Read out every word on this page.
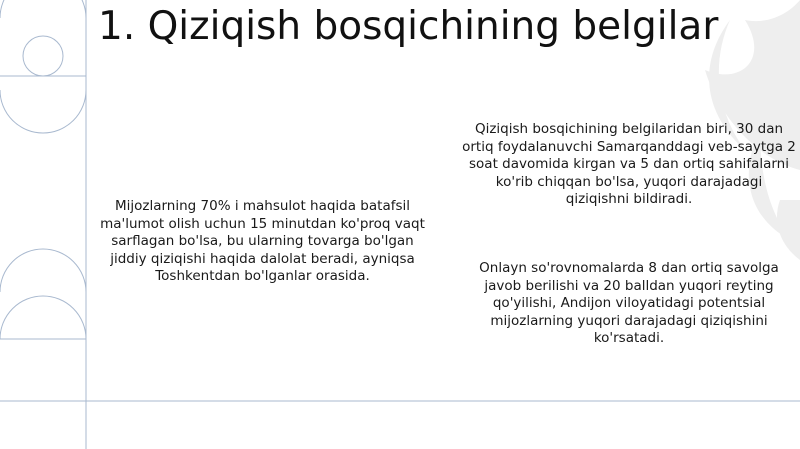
1. Qiziqish bosqichining belgilar

Mijozlarning 70% i mahsulot haqida batafsil ma'lumot olish uchun 15 minutdan ko'proq vaqt sarflagan bo'lsa, bu ularning tovarga bo'lgan jiddiy qiziqishi haqida dalolat beradi, ayniqsa Toshkentdan bo'lganlar orasida.

Qiziqish bosqichining belgilaridan biri, 30 dan ortiq foydalanuvchi Samarqanddagi veb-saytga 2 soat davomida kirgan va 5 dan ortiq sahifalarni ko'rib chiqqan bo'lsa, yuqori darajadagi qiziqishni bildiradi.

Onlayn so'rovnomalarda 8 dan ortiq savolga javob berilishi va 20 balldan yuqori reyting qo'yilishi, Andijon viloyatidagi potentsial mijozlarning yuqori darajadagi qiziqishini ko'rsatadi.
